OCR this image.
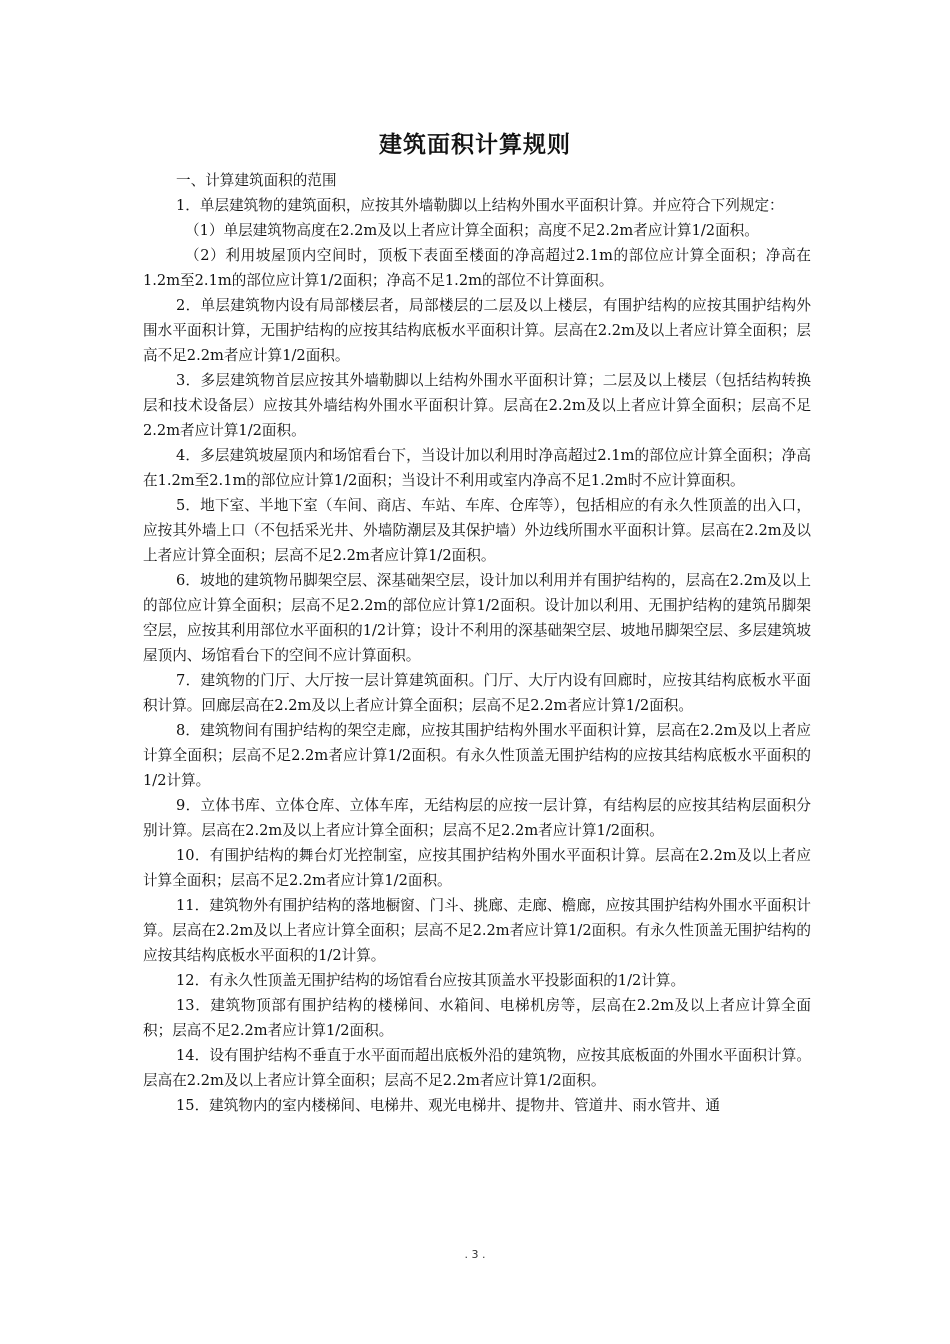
建筑面积计算规则

一、计算建筑面积的范围

1．单层建筑物的建筑面积，应按其外墙勒脚以上结构外围水平面积计算。并应符合下列规定：

（1）单层建筑物高度在2.2m及以上者应计算全面积；高度不足2.2m者应计算1/2面积。

（2）利用坡屋顶内空间时，顶板下表面至楼面的净高超过2.1m的部位应计算全面积；净高在1.2m至2.1m的部位应计算1/2面积；净高不足1.2m的部位不计算面积。

2．单层建筑物内设有局部楼层者，局部楼层的二层及以上楼层，有围护结构的应按其围护结构外围水平面积计算，无围护结构的应按其结构底板水平面积计算。层高在2.2m及以上者应计算全面积；层高不足2.2m者应计算1/2面积。

3．多层建筑物首层应按其外墙勒脚以上结构外围水平面积计算；二层及以上楼层（包括结构转换层和技术设备层）应按其外墙结构外围水平面积计算。层高在2.2m及以上者应计算全面积；层高不足2.2m者应计算1/2面积。

4．多层建筑坡屋顶内和场馆看台下，当设计加以利用时净高超过2.1m的部位应计算全面积；净高在1.2m至2.1m的部位应计算1/2面积；当设计不利用或室内净高不足1.2m时不应计算面积。

5．地下室、半地下室（车间、商店、车站、车库、仓库等），包括相应的有永久性顶盖的出入口，应按其外墙上口（不包括采光井、外墙防潮层及其保护墙）外边线所围水平面积计算。层高在2.2m及以上者应计算全面积；层高不足2.2m者应计算1/2面积。

6．坡地的建筑物吊脚架空层、深基础架空层，设计加以利用并有围护结构的，层高在2.2m及以上的部位应计算全面积；层高不足2.2m的部位应计算1/2面积。设计加以利用、无围护结构的建筑吊脚架空层，应按其利用部位水平面积的1/2计算；设计不利用的深基础架空层、坡地吊脚架空层、多层建筑坡屋顶内、场馆看台下的空间不应计算面积。

7．建筑物的门厅、大厅按一层计算建筑面积。门厅、大厅内设有回廊时，应按其结构底板水平面积计算。回廊层高在2.2m及以上者应计算全面积；层高不足2.2m者应计算1/2面积。

8．建筑物间有围护结构的架空走廊，应按其围护结构外围水平面积计算，层高在2.2m及以上者应计算全面积；层高不足2.2m者应计算1/2面积。有永久性顶盖无围护结构的应按其结构底板水平面积的1/2计算。

9．立体书库、立体仓库、立体车库，无结构层的应按一层计算，有结构层的应按其结构层面积分别计算。层高在2.2m及以上者应计算全面积；层高不足2.2m者应计算1/2面积。

10．有围护结构的舞台灯光控制室，应按其围护结构外围水平面积计算。层高在2.2m及以上者应计算全面积；层高不足2.2m者应计算1/2面积。

11．建筑物外有围护结构的落地橱窗、门斗、挑廊、走廊、檐廊，应按其围护结构外围水平面积计算。层高在2.2m及以上者应计算全面积；层高不足2.2m者应计算1/2面积。有永久性顶盖无围护结构的应按其结构底板水平面积的1/2计算。

12．有永久性顶盖无围护结构的场馆看台应按其顶盖水平投影面积的1/2计算。

13．建筑物顶部有围护结构的楼梯间、水箱间、电梯机房等，层高在2.2m及以上者应计算全面积；层高不足2.2m者应计算1/2面积。

14．设有围护结构不垂直于水平面而超出底板外沿的建筑物，应按其底板面的外围水平面积计算。层高在2.2m及以上者应计算全面积；层高不足2.2m者应计算1/2面积。

15．建筑物内的室内楼梯间、电梯井、观光电梯井、提物井、管道井、雨水管井、通

. 3 .
